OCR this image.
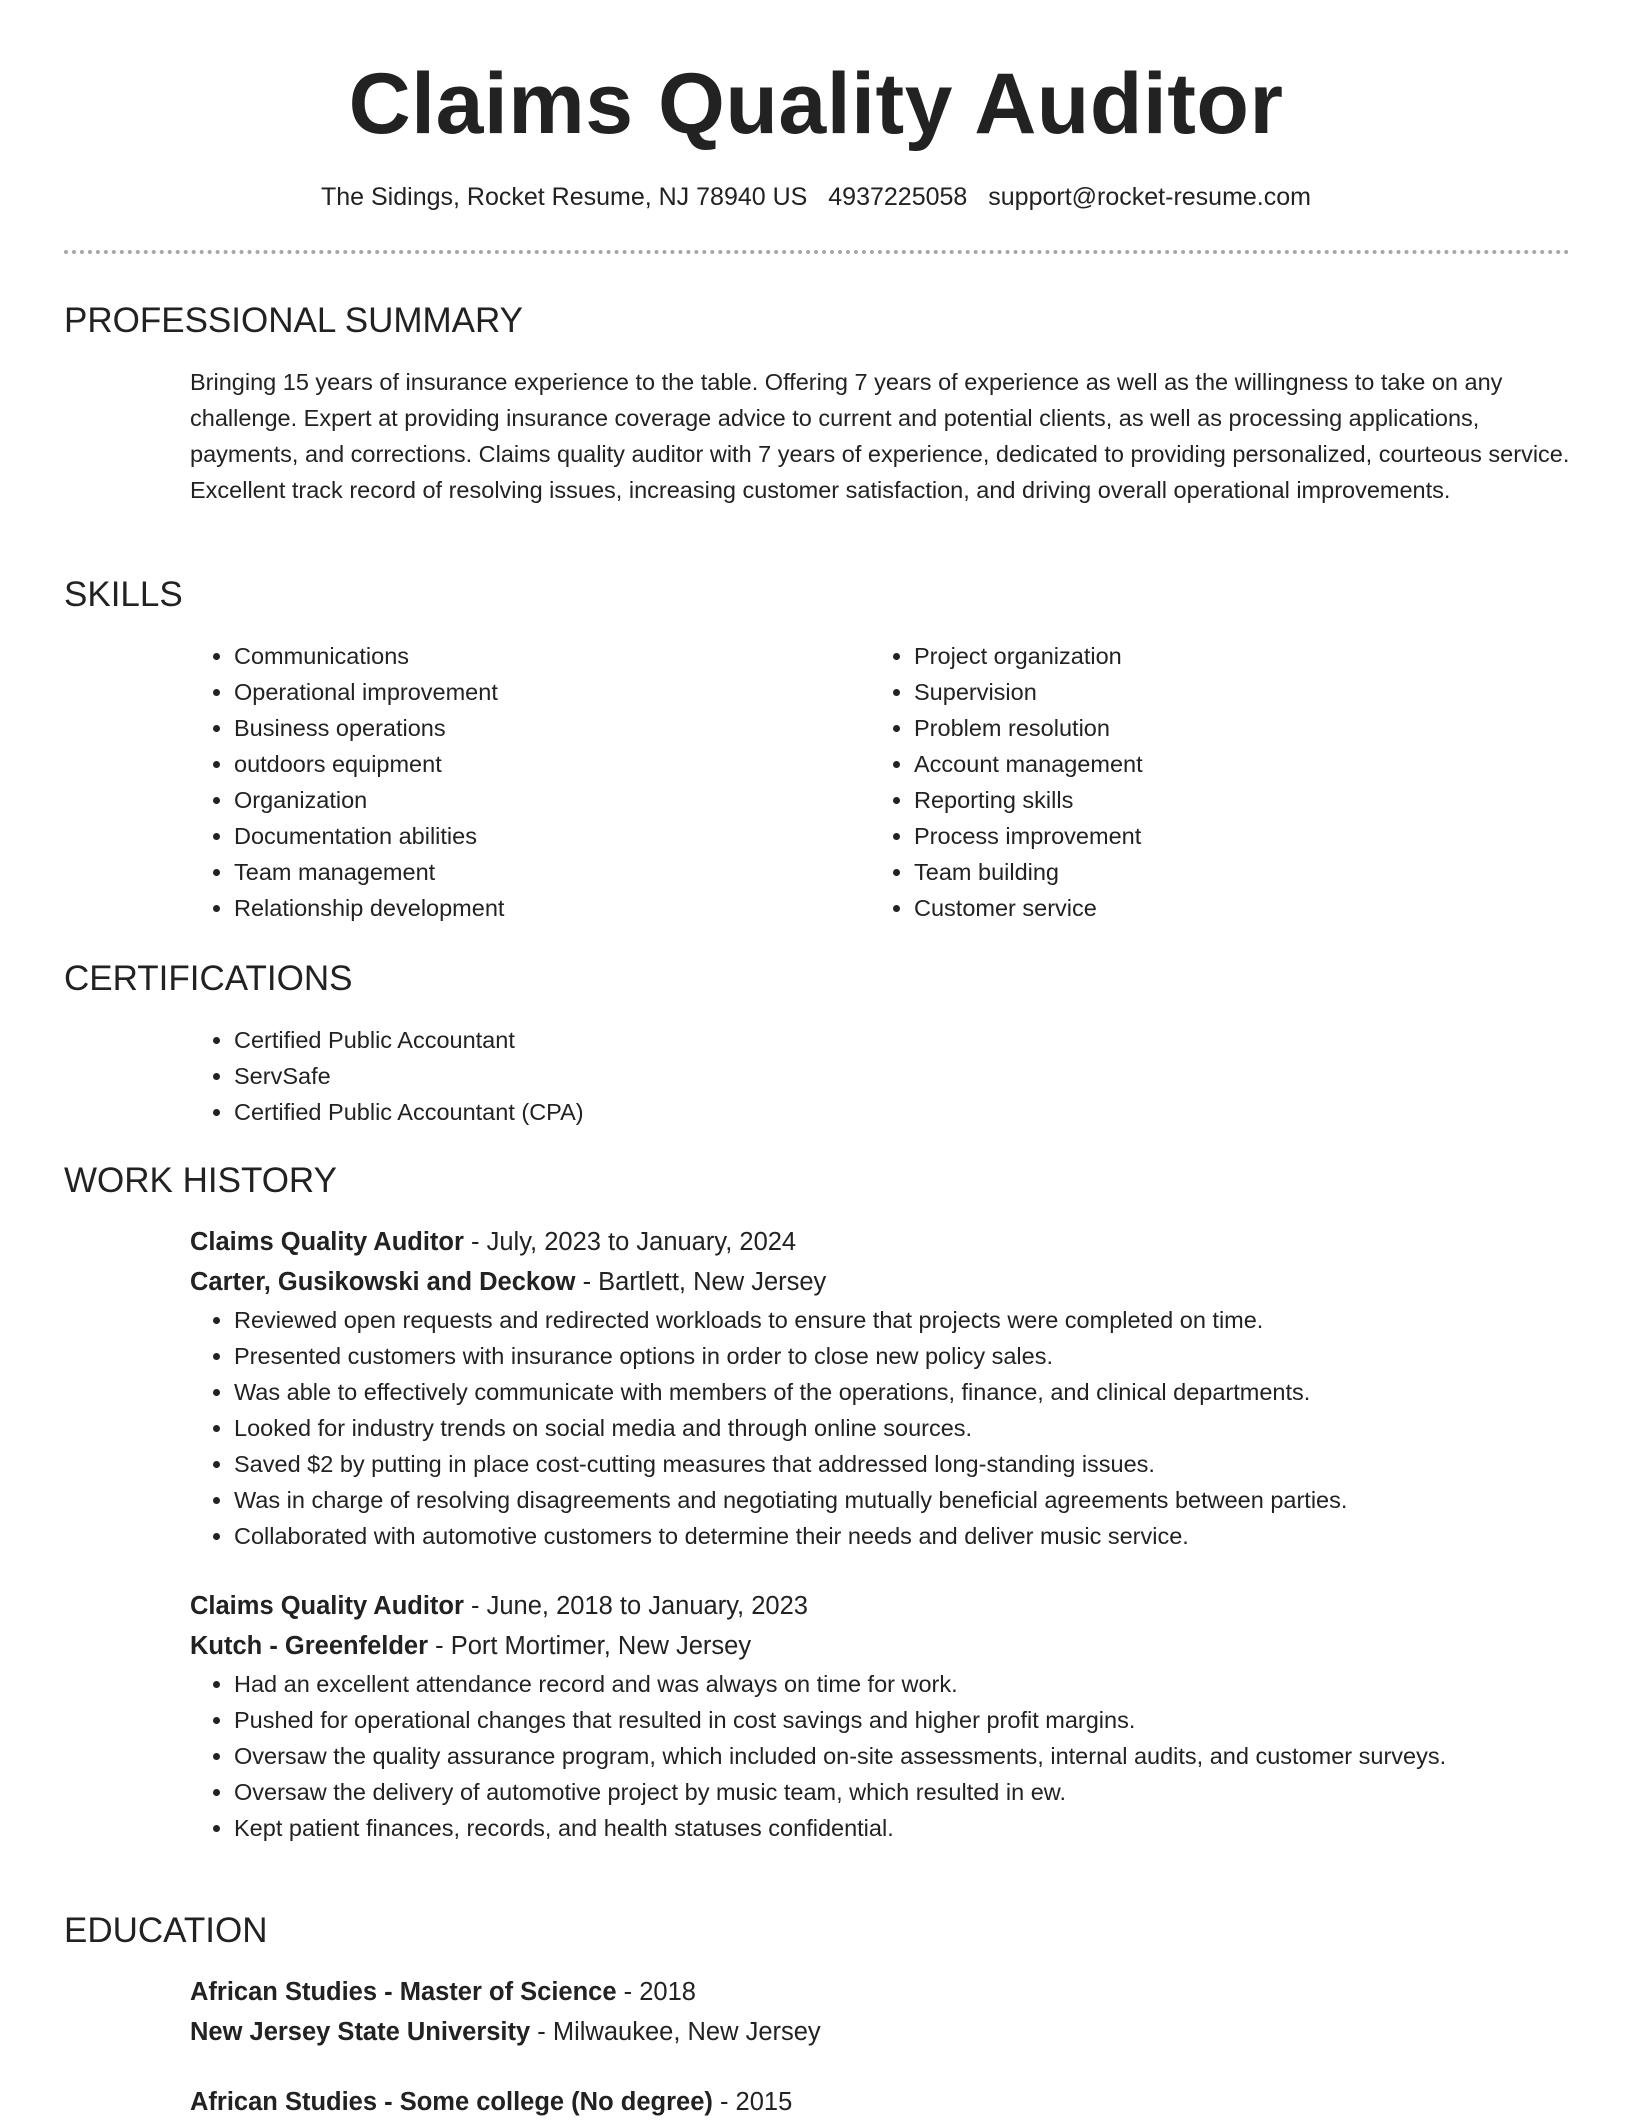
Claims Quality Auditor
The Sidings, Rocket Resume, NJ 78940 US 4937225058 support@rocket-resume.com
PROFESSIONAL SUMMARY
Bringing 15 years of insurance experience to the table. Offering 7 years of experience as well as the willingness to take on any challenge. Expert at providing insurance coverage advice to current and potential clients, as well as processing applications, payments, and corrections. Claims quality auditor with 7 years of experience, dedicated to providing personalized, courteous service. Excellent track record of resolving issues, increasing customer satisfaction, and driving overall operational improvements.
SKILLS
• Communications
• Operational improvement
• Business operations
• outdoors equipment
• Organization
• Documentation abilities
• Team management
• Relationship development
• Project organization
• Supervision
• Problem resolution
• Account management
• Reporting skills
• Process improvement
• Team building
• Customer service
CERTIFICATIONS
• Certified Public Accountant
• ServSafe
• Certified Public Accountant (CPA)
WORK HISTORY
Claims Quality Auditor - July, 2023 to January, 2024
Carter, Gusikowski and Deckow - Bartlett, New Jersey
• Reviewed open requests and redirected workloads to ensure that projects were completed on time.
• Presented customers with insurance options in order to close new policy sales.
• Was able to effectively communicate with members of the operations, finance, and clinical departments.
• Looked for industry trends on social media and through online sources.
• Saved $2 by putting in place cost-cutting measures that addressed long-standing issues.
• Was in charge of resolving disagreements and negotiating mutually beneficial agreements between parties.
• Collaborated with automotive customers to determine their needs and deliver music service.
Claims Quality Auditor - June, 2018 to January, 2023
Kutch - Greenfelder - Port Mortimer, New Jersey
• Had an excellent attendance record and was always on time for work.
• Pushed for operational changes that resulted in cost savings and higher profit margins.
• Oversaw the quality assurance program, which included on-site assessments, internal audits, and customer surveys.
• Oversaw the delivery of automotive project by music team, which resulted in ew.
• Kept patient finances, records, and health statuses confidential.
EDUCATION
African Studies - Master of Science - 2018
New Jersey State University - Milwaukee, New Jersey
African Studies - Some college (No degree) - 2015
